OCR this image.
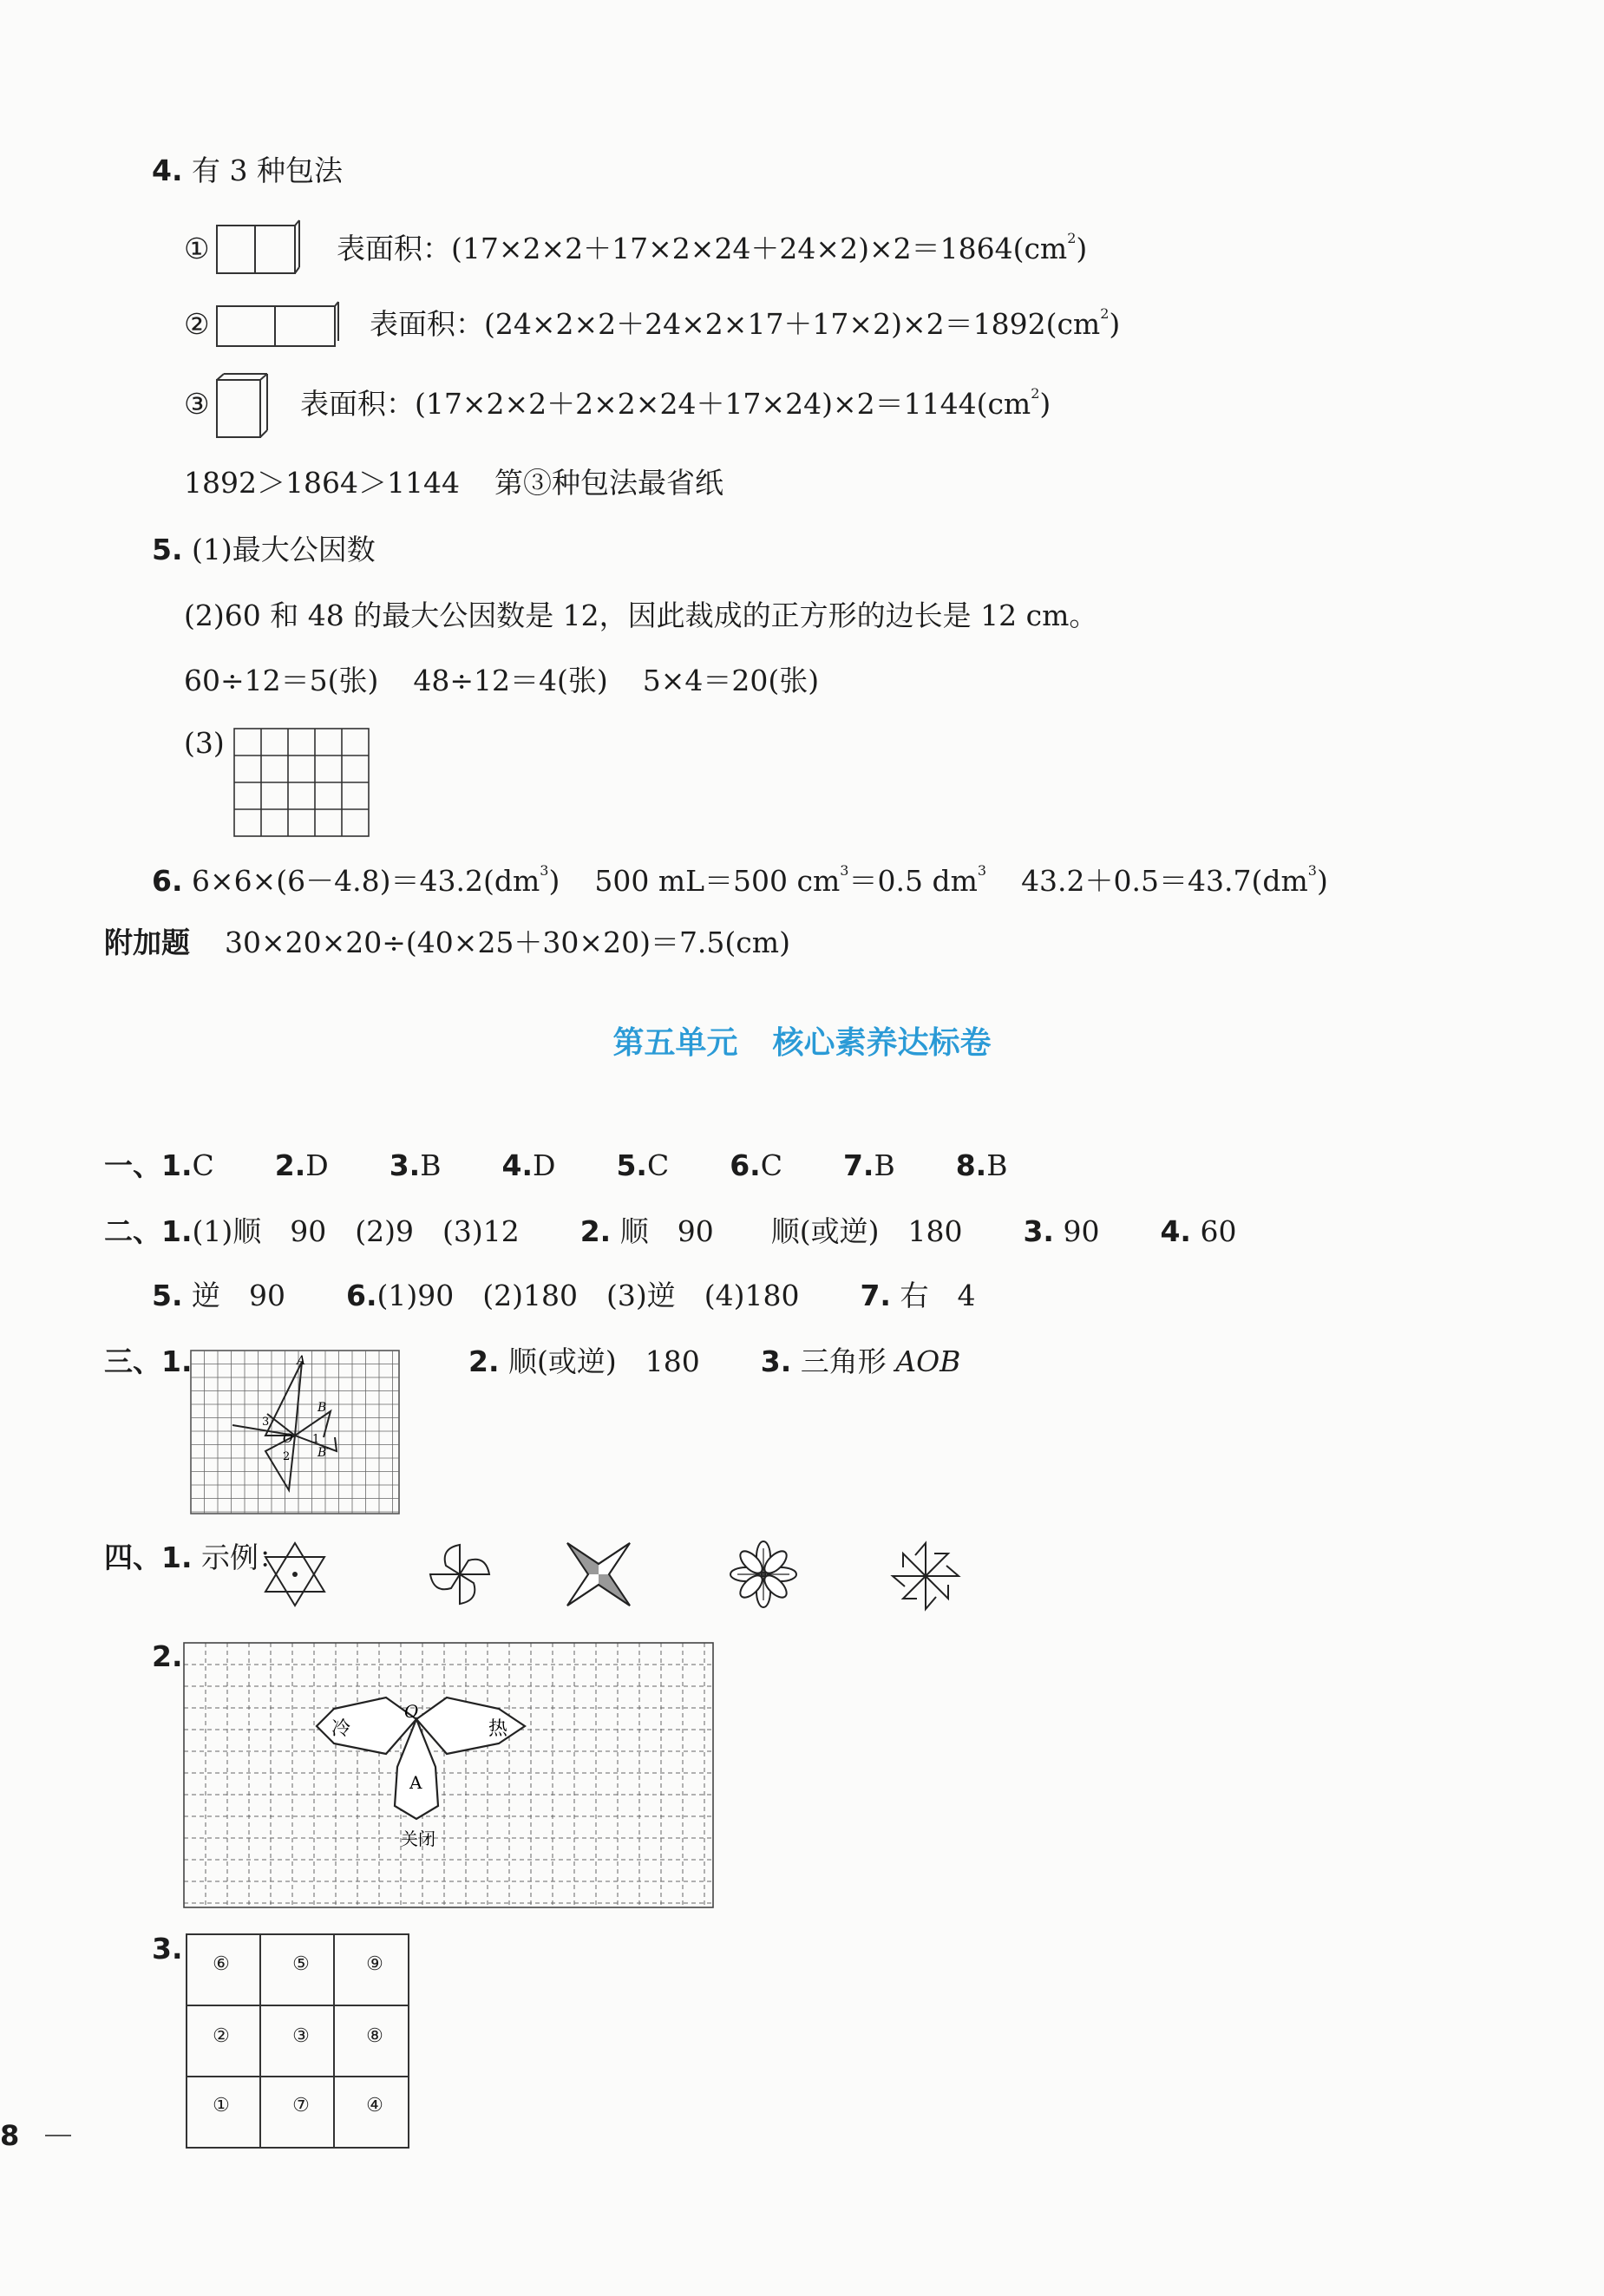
4. 有 3 种包法
①	表面积：$(17\times 2\times 2+17\times 2\times 24+24\times 2)\times 2=1864(cm^2)$
②	表面积：$(24\times 2\times 2+24\times 2\times 17+17\times 2)\times 2=1892(cm^2)$
③	表面积：$(17\times 2\times 2+2\times 2\times 24+17\times 24)\times 2=1144(cm^2)$
1892＞1864＞1144 第③种包法最省纸
5. (1)最大公因数
(2)60 和 48 的最大公因数是 12，因此裁成的正方形的边长是 12 cm。
60÷12＝5(张) 48÷12＝4(张) 5×4＝20(张)
(3)
6. $6\times 6\times(6-4.8)=43.2(dm^3)$ 500 mL＝500 $cm^3=0.5$ $dm^3$ $43.2+0.5=43.7(dm^3)$
附加题 30×20×20÷(40×25＋30×20)＝7.5(cm)
第五单元 核心素养达标卷
一、1.C 2.D 3.B 4.D 5.C 6.C 7.B 8.B
二、1.(1)顺　90　(2)9　(3)12 2. 顺　90　　顺(或逆)　180 3. 90 4. 60
5. 逆　90 6.(1)90　(2)180　(3)逆　(4)180 7. 右　4
三、1.	A
B
O
B′
1
2
3
2. 顺(或逆)　180 3. 三角形 AOB
四、1. 示例：
2.
冷	热
O
A
关闭
3.	⑥	⑤	⑨
②	③	⑧
①	⑦	④
8
